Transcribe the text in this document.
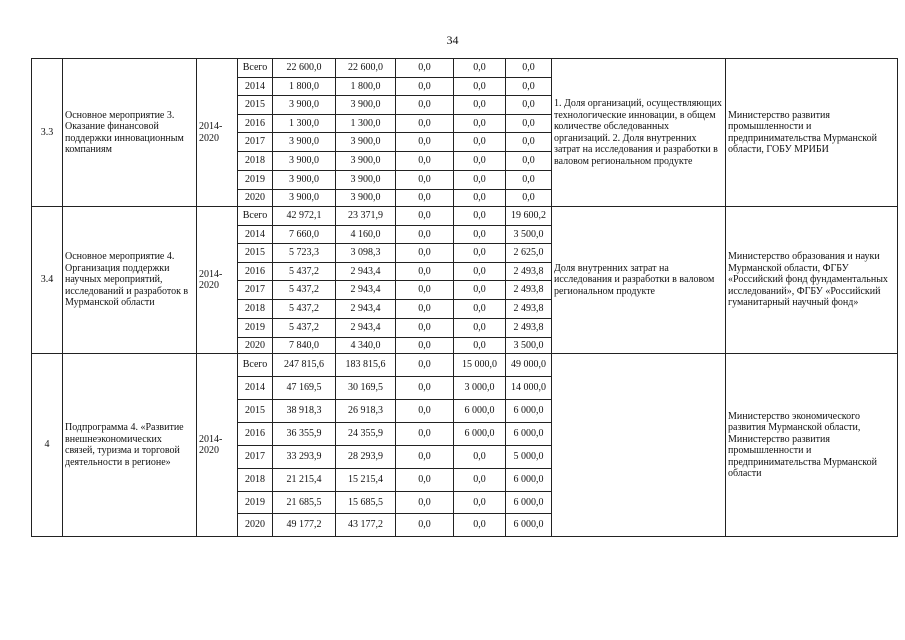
34
3.3	Основное мероприятие 3. Оказание финансовой поддержки инновационным компаниям	2014-2020	Всего	22 600,0	22 600,0	0,0	0,0	0,0	1. Доля организаций, осуществляющих технологические инновации, в общем количестве обследованных организаций. 2. Доля внутренних затрат на исследования и разработки в валовом региональном продукте	Министерство развития промышленности и предпринимательства Мурманской области, ГОБУ МРИБИ
			2014	1 800,0	1 800,0	0,0	0,0	0,0		
			2015	3 900,0	3 900,0	0,0	0,0	0,0		
			2016	1 300,0	1 300,0	0,0	0,0	0,0		
			2017	3 900,0	3 900,0	0,0	0,0	0,0		
			2018	3 900,0	3 900,0	0,0	0,0	0,0		
			2019	3 900,0	3 900,0	0,0	0,0	0,0		
			2020	3 900,0	3 900,0	0,0	0,0	0,0		
3.4	Основное мероприятие 4. Организация поддержки научных мероприятий, исследований и разработок в Мурманской области	2014-2020	Всего	42 972,1	23 371,9	0,0	0,0	19 600,2	Доля внутренних затрат на исследования и разработки в валовом региональном продукте	Министерство образования и науки Мурманской области, ФГБУ «Российский фонд фундаментальных исследований», ФГБУ «Российский гуманитарный научный фонд»
			2014	7 660,0	4 160,0	0,0	0,0	3 500,0		
			2015	5 723,3	3 098,3	0,0	0,0	2 625,0		
			2016	5 437,2	2 943,4	0,0	0,0	2 493,8		
			2017	5 437,2	2 943,4	0,0	0,0	2 493,8		
			2018	5 437,2	2 943,4	0,0	0,0	2 493,8		
			2019	5 437,2	2 943,4	0,0	0,0	2 493,8		
			2020	7 840,0	4 340,0	0,0	0,0	3 500,0		
4	Подпрограмма 4. «Развитие внешнеэкономических связей, туризма и торговой деятельности в регионе»	2014-2020	Всего	247 815,6	183 815,6	0,0	15 000,0	49 000,0		Министерство экономического развития Мурманской области, Министерство развития промышленности и предпринимательства Мурманской области
			2014	47 169,5	30 169,5	0,0	3 000,0	14 000,0		
			2015	38 918,3	26 918,3	0,0	6 000,0	6 000,0		
			2016	36 355,9	24 355,9	0,0	6 000,0	6 000,0		
			2017	33 293,9	28 293,9	0,0	0,0	5 000,0		
			2018	21 215,4	15 215,4	0,0	0,0	6 000,0		
			2019	21 685,5	15 685,5	0,0	0,0	6 000,0		
			2020	49 177,2	43 177,2	0,0	0,0	6 000,0		
